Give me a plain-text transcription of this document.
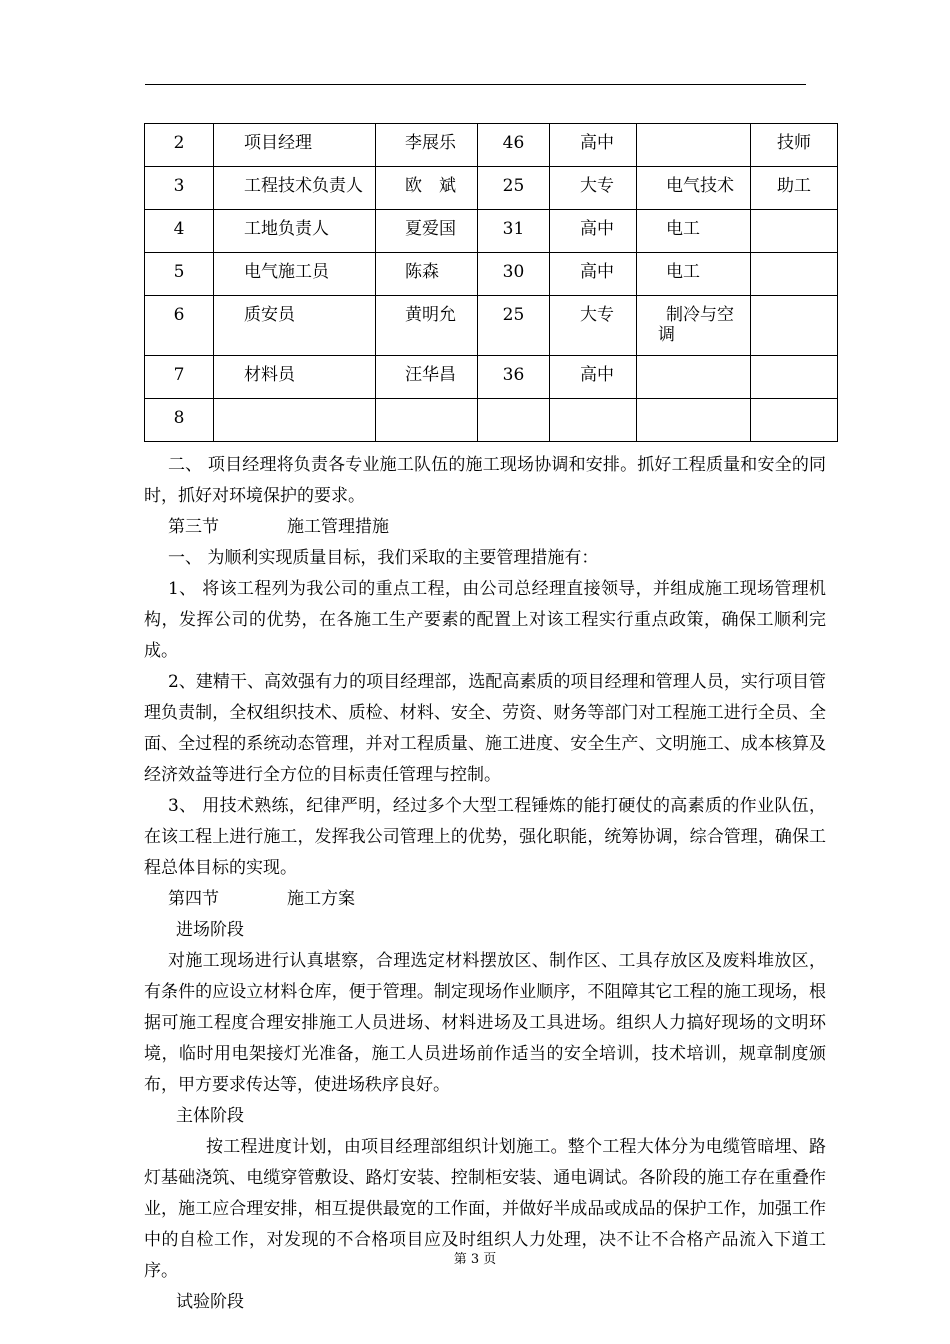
2	项目经理	李展乐	46	高中		技师

3	工程技术负责人	欧　斌	25	大专	电气技术	助工

4	工地负责人	夏爱国	31	高中	电工	

5	电气施工员	陈森	30	高中	电工	

6	质安员	黄明允	25	大专	制冷与空
调	

7	材料员	汪华昌	36	高中		

8						

二、 项目经理将负责各专业施工队伍的施工现场协调和安排。抓好工程质量和安全的同时，抓好对环境保护的要求。

第三节	施工管理措施

一、 为顺利实现质量目标，我们采取的主要管理措施有：

1、 将该工程列为我公司的重点工程，由公司总经理直接领导，并组成施工现场管理机构，发挥公司的优势，在各施工生产要素的配置上对该工程实行重点政策，确保工顺利完成。

2、建精干、高效强有力的项目经理部，选配高素质的项目经理和管理人员，实行项目管理负责制，全权组织技术、质检、材料、安全、劳资、财务等部门对工程施工进行全员、全面、全过程的系统动态管理，并对工程质量、施工进度、安全生产、文明施工、成本核算及经济效益等进行全方位的目标责任管理与控制。

3、 用技术熟练，纪律严明，经过多个大型工程锤炼的能打硬仗的高素质的作业队伍，在该工程上进行施工，发挥我公司管理上的优势，强化职能，统筹协调，综合管理，确保工程总体目标的实现。

第四节	施工方案

进场阶段

对施工现场进行认真堪察，合理选定材料摆放区、制作区、工具存放区及废料堆放区，有条件的应设立材料仓库，便于管理。制定现场作业顺序，不阻障其它工程的施工现场，根据可施工程度合理安排施工人员进场、材料进场及工具进场。组织人力搞好现场的文明环境，临时用电架接灯光准备，施工人员进场前作适当的安全培训，技术培训，规章制度颁布，甲方要求传达等，使进场秩序良好。

主体阶段

按工程进度计划，由项目经理部组织计划施工。整个工程大体分为电缆管暗埋、路灯基础浇筑、电缆穿管敷设、路灯安装、控制柜安装、通电调试。各阶段的施工存在重叠作业，施工应合理安排，相互提供最宽的工作面，并做好半成品或成品的保护工作，加强工作中的自检工作，对发现的不合格项目应及时组织人力处理，决不让不合格产品流入下道工序。

试验阶段

第 3 页
